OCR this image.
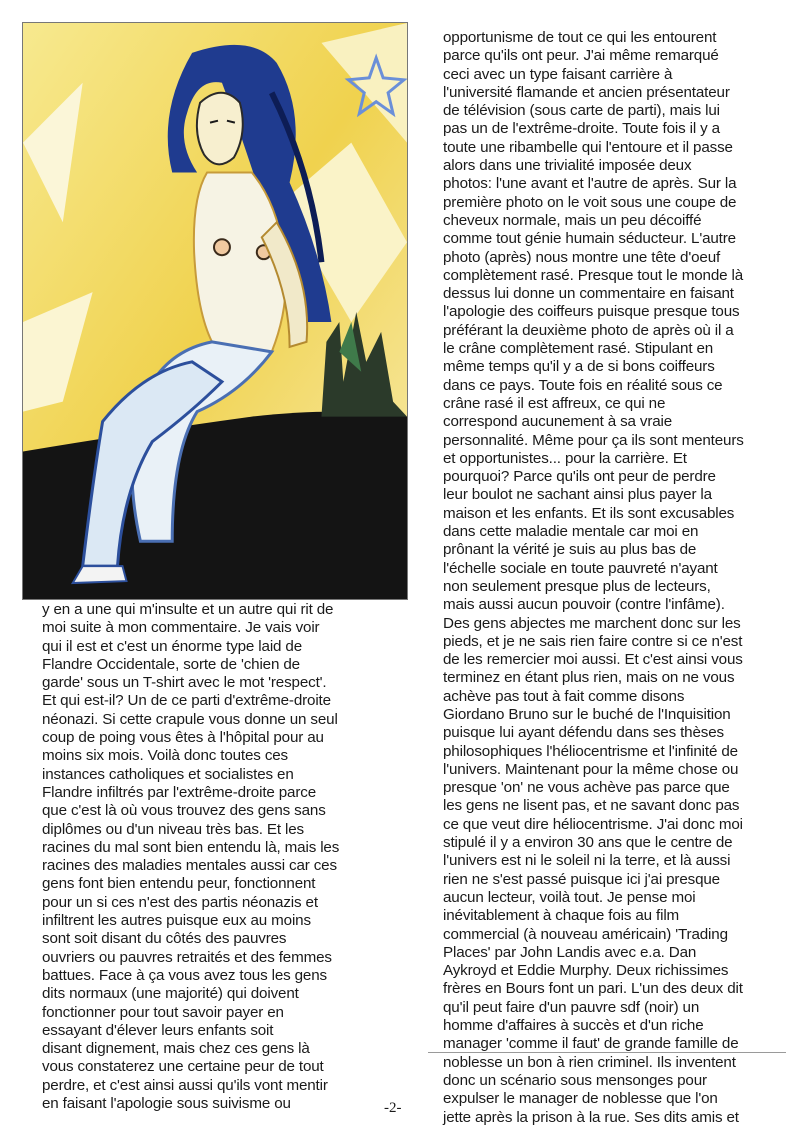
y en a une qui m'insulte et un autre qui rit de
moi suite à mon commentaire. Je vais voir
qui il est et c'est un énorme type laid de
Flandre Occidentale, sorte de 'chien de
garde' sous un T-shirt avec le mot 'respect'.
Et qui est-il? Un de ce parti d'extrême-droite
néonazi. Si cette crapule vous donne un seul
coup de poing vous êtes à l'hôpital pour au
moins six mois. Voilà donc toutes ces
instances catholiques et socialistes en
Flandre infiltrés par l'extrême-droite parce
que c'est là où vous trouvez des gens sans
diplômes ou d'un niveau très bas. Et les
racines du mal sont bien entendu là, mais les
racines des maladies mentales aussi car ces
gens font bien entendu peur, fonctionnent
pour un si ces n'est des partis néonazis et
infiltrent les autres puisque eux au moins
sont soit disant du côtés des pauvres
ouvriers ou pauvres retraités et des femmes
battues. Face à ça vous avez tous les gens
dits normaux (une majorité) qui doivent
fonctionner pour tout savoir payer en
essayant d'élever leurs enfants soit
disant dignement, mais chez ces gens là
vous constaterez une certaine peur de tout
perdre, et c'est ainsi aussi qu'ils vont mentir
en faisant l'apologie sous suivisme ou
opportunisme de tout ce qui les entourent
parce qu'ils ont peur. J'ai même remarqué
ceci avec un type faisant carrière à
l'université flamande et ancien présentateur
de télévision (sous carte de parti), mais lui
pas un de l'extrême-droite. Toute fois il y a
toute une ribambelle qui l'entoure et il passe
alors dans une trivialité imposée deux
photos: l'une avant et l'autre de après. Sur la
première photo on le voit sous une coupe de
cheveux normale, mais un peu décoiffé
comme tout génie humain séducteur. L'autre
photo (après) nous montre une tête d'oeuf
complètement rasé. Presque tout le monde là
dessus lui donne un commentaire en faisant
l'apologie des coiffeurs puisque presque tous
préférant la deuxième photo de après où il a
le crâne complètement rasé. Stipulant en
même temps qu'il y a de si bons coiffeurs
dans ce pays. Toute fois en réalité sous ce
crâne rasé il est affreux, ce qui ne
correspond aucunement à sa vraie
personnalité. Même pour ça ils sont menteurs
et opportunistes... pour la carrière. Et
pourquoi? Parce qu'ils ont peur de perdre
leur boulot ne sachant ainsi plus payer la
maison et les enfants. Et ils sont excusables
dans cette maladie mentale car moi en
prônant la vérité je suis au plus bas de
l'échelle sociale en toute pauvreté n'ayant
non seulement presque plus de lecteurs,
mais aussi aucun pouvoir (contre l'infâme).
Des gens abjectes me marchent donc sur les
pieds, et je ne sais rien faire contre si ce n'est
de les remercier moi aussi. Et c'est ainsi vous
terminez en étant plus rien, mais on ne vous
achève pas tout à fait comme disons
Giordano Bruno sur le buché de l'Inquisition
puisque lui ayant défendu dans ses thèses
philosophiques l'héliocentrisme et l'infinité de
l'univers. Maintenant pour la même chose ou
presque 'on' ne vous achève pas parce que
les gens ne lisent pas, et ne savant donc pas
ce que veut dire héliocentrisme. J'ai donc moi
stipulé il y a environ 30 ans que le centre de
l'univers est ni le soleil ni la terre, et là aussi
rien ne s'est passé puisque ici j'ai presque
aucun lecteur, voilà tout. Je pense moi
inévitablement à chaque fois au film
commercial (à nouveau américain) 'Trading
Places' par John Landis avec e.a. Dan
Aykroyd et Eddie Murphy. Deux richissimes
frères en Bours font un pari. L'un des deux dit
qu'il peut faire d'un pauvre sdf (noir) un
homme d'affaires à succès et d'un riche
manager 'comme il faut' de grande famille de
noblesse un bon à rien criminel. Ils inventent
donc un scénario sous mensonges pour
expulser le manager de noblesse que l'on
jette après la prison à la rue. Ses dits amis et
-2-
